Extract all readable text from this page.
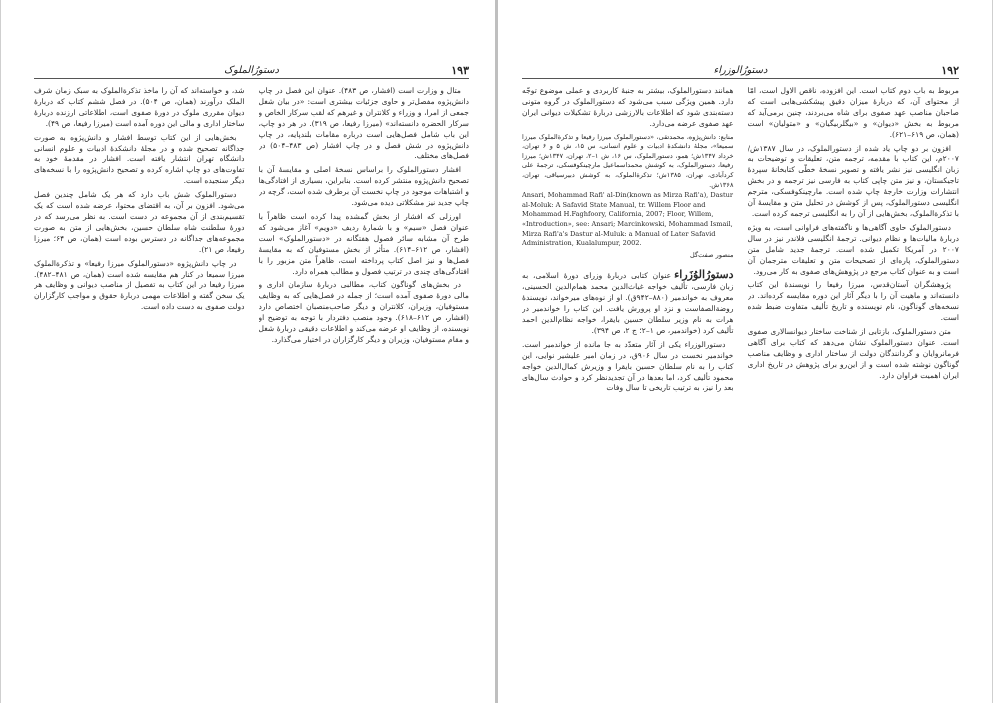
۱۹۳
دستورُالملوک

متال و وزارت است (افشار، ص ۴۸۳). عنوان این فصل در چاپ دانش‌پژوه مفصل‌تر و حاوی جزئیات بیشتری است: «در بیان شغل جمعی از امرا، و وزراء و کلانتران و غیرهم که لقب سرکار الخاص و سرکار الحضره دانسته‌اند» (میرزا رفیعا، ص ۳۱۹). در هر دو چاپ، این باب شامل فصل‌هایی است درباره مقامات بلندپایه، در چاپ دانش‌پژوه در شش فصل و در چاپ افشار (ص ۴۸۳–۵۰۴) در فصل‌های مختلف.

افشار دستورالملوک را براساس نسخهٔ اصلی و مقایسهٔ آن با تصحیح دانش‌پژوه منتشر کرده است. بنابراین، بسیاری از افتادگی‌ها و اشتباهات موجود در چاپ نخست آن برطرف شده است، گرچه در چاپ جدید نیز مشکلاتی دیده می‌شود.

اورزلی که افشار از بخش گمشده پیدا کرده است ظاهراً با عنوان فصل «سیم» و با شمارهٔ ردیف «دویم» آغاز می‌شود که طرح آن مشابه سائر فصول هفتگانه در «دستورالملوک» است (افشار، ص ۶۱۲–۶۱۴). متأثر از بخش مستوفیان که به مقایسهٔ فصل‌ها و نیز اصل کتاب پرداخته است، ظاهراً متن مزبور را با افتادگی‌های چندی در ترتیب فصول و مطالب همراه دارد.

در بخش‌های گوناگون کتاب، مطالبی دربارهٔ سازمان اداری و مالی دورهٔ صفوی آمده است؛ از جمله در فصل‌هایی که به وظایف مستوفیان، وزیران، کلانتران و دیگر صاحب‌منصبان اختصاص دارد (افشار، ص ۶۱۲–۶۱۸). وجود منصب دفتردار با توجه به توضیح او نویسنده، از وظایف او عرضه می‌کند و اطلاعات دقیقی دربارهٔ شغل و مقام مستوفیان، وزیران و دیگر کارگزاران در اختیار می‌گذارد.

شد، و خواسته‌اند که آن را ماخذ تذکرةالملوک به سبک زمان شرف الملک درآورند (همان، ص ۵۰۴). در فصل ششم کتاب که دربارهٔ دیوان مقرری ملوک در دورهٔ صفوی است، اطلاعاتی ارزنده دربارهٔ ساختار اداری و مالی این دوره آمده است (میرزا رفیعا، ص ۴۹).

بخش‌هایی از این کتاب توسط افشار و دانش‌پژوه به صورت جداگانه تصحیح شده و در مجلهٔ دانشکدهٔ ادبیات و علوم انسانی دانشگاه تهران انتشار یافته است. افشار در مقدمهٔ خود به تفاوت‌های دو چاپ اشاره کرده و تصحیح دانش‌پژوه را با نسخه‌های دیگر سنجیده است.

دستورالملوک شش باب دارد که هر یک شامل چندین فصل می‌شود. افزون بر آن، به اقتضای محتوا، عرضه شده است که یک تقسیم‌بندی از آن مجموعه در دست است. به نظر می‌رسد که در دورهٔ سلطنت شاه سلطان حسین، بخش‌هایی از متن به صورت مجموعه‌های جداگانه در دسترس بوده است (همان، ص ۶۴؛ میرزا رفیعا، ص ۲۱).

در چاپ دانش‌پژوه «دستورالملوک میرزا رفیعا» و تذکرةالملوک میرزا سمیعا در کنار هم مقایسه شده است (همان، ص ۴۸۱–۴۸۲). میرزا رفیعا در این کتاب به تفصیل از مناصب دیوانی و وظایف هر یک سخن گفته و اطلاعات مهمی دربارهٔ حقوق و مواجب کارگزاران دولت صفوی به دست داده است.

دستورُالوزراء	۱۹۲

مربوط به باب دوم کتاب است. این افزوده، ناقص الاول است، امّا از محتوای آن، که دربارهٔ میزان دقیق پیشکشی‌هایی است که صاحبان مناصب عهد صفوی برای شاه می‌بردند، چنین برمی‌آید که مربوط به بخش «دیوان» و «بیگلربیگیان» و «متولیان» است (همان، ص ۶۱۹–۶۲۱).

افزون بر دو چاپ یاد شده از دستورالملوک، در سال ۱۳۸۷ش/ ۲۰۰۷م، این کتاب با مقدمه، ترجمه متن، تعلیقات و توضیحات به زبان انگلیسی نیز نشر یافته و تصویر نسخهٔ خطّی کتابخانهٔ سپردهٔ تاجیکستان، و نیز متن چاپی کتاب به فارسی نیز ترجمه و در بخش انتشارات وزارت خارجهٔ چاپ شده است. مارچینکوفسکی، مترجم انگلیسی دستورالملوک، پس از کوشش در تحلیل متن و مقایسهٔ آن با تذکرةالملوک، بخش‌هایی از آن را به انگلیسی ترجمه کرده است.

دستورالملوک حاوی آگاهی‌ها و ناگفته‌های فراوانی است، به ویژه دربارهٔ مالیات‌ها و نظام دیوانی. ترجمهٔ انگلیسی فلاندر نیز در سال ۲۰۰۷ در آمریکا تکمیل شده است. ترجمهٔ جدید شامل متن دستورالملوک، پاره‌ای از تصحیحات متن و تعلیقات مترجمان آن است و به عنوان کتاب مرجع در پژوهش‌های صفوی به کار می‌رود.

پژوهشگران آستان‌قدس، میرزا رفیعا را نویسندهٔ این کتاب دانسته‌اند و ماهیت آن را با دیگر آثار این دوره مقایسه کرده‌اند. در نسخه‌های گوناگون، نام نویسنده و تاریخ تألیف متفاوت ضبط شده است.

متن دستورالملوک، بازتابی از شناخت ساختار دیوانسالاری صفوی است. عنوان دستورالملوک نشان می‌دهد که کتاب برای آگاهی فرمانروایان و گردانندگان دولت از ساختار اداری و وظایف مناصب گوناگون نوشته شده است و از این‌رو برای پژوهش در تاریخ اداری ایران اهمیت فراوان دارد.

همانند دستورالملوک، بیشتر به جنبهٔ کاربردی و عملی موضوع توجّه دارد. همین ویژگی سبب می‌شود که دستورالملوک در گروه متونی دسته‌بندی شود که اطلاعات بالارزشی دربارهٔ تشکیلات دیوانی ایران عهد صفوی عرضه می‌دارد.

منابع: دانش‌پژوه، محمدتقی، «دستورالملوک میرزا رفیعا و تذکرةالملوک میرزا سمیعا»، مجلهٔ دانشکدهٔ ادبیات و علوم انسانی، س ۱۵، ش ۵ و ۶ تهران، خرداد ۱۳۴۷ش؛ همو، دستورالملوک، س ۱۶، ش ۱–۲، تهران، ۱۳۴۷ش؛ میرزا رفیعا، دستورالملوک، به کوشش محمداسماعیل مارچینکوفسکی، ترجمهٔ علی کردآبادی، تهران، ۱۳۸۵ش؛ تذکرةالملوک، به کوشش دبیرسیاقی، تهران، ۱۳۶۸ش.

Ansari, Mohammad Rafi' al-Din(known as Mirza Rafi'a), Dastur al-Moluk: A Safavid State Manual, tr. Willem Floor and Mohammad H.Faghfoory, California, 2007; Floor, Willem, «Introduction», see: Ansari; Marcinkowski, Mohammad Ismail, Mirza Rafi'a's Dastur al-Muluk: a Manual of Later Safavid Administration, Kualalumpur, 2002.

منصور صفت‌گل

دستورُالوُزَراءعنوان کتابی دربارهٔ وزرای دورهٔ اسلامی، به زبان فارسی، تألیف خواجه غیاث‌الدین محمد همام‌الدین الحسینی، معروف به خواندمیر (۸۸۰–۹۴۲ق). او از نوه‌های میرخواند، نویسندهٔ روضةالصفاست و نزد او پرورش یافت. این کتاب را خواندمیر در هرات به نام وزیر سلطان حسین بایقرا، خواجه نظام‌الدین احمد تألیف کرد (خواندمیر، ص ۱–۲؛ ج ۲، ص ۳۹۴).

دستورالوزراء یکی از آثار متعدّد به جا مانده از خواندمیر است. خواندمیر نخست در سال ۹۰۶ق، در زمان امیر علیشیر نوایی، این کتاب را به نام سلطان حسین بایقرا و وزیرش کمال‌الدین خواجه محمود تألیف کرد، اما بعدها در آن تجدیدنظر کرد و حوادث سال‌های بعد را نیز، به ترتیب تاریخی تا سال وفات
